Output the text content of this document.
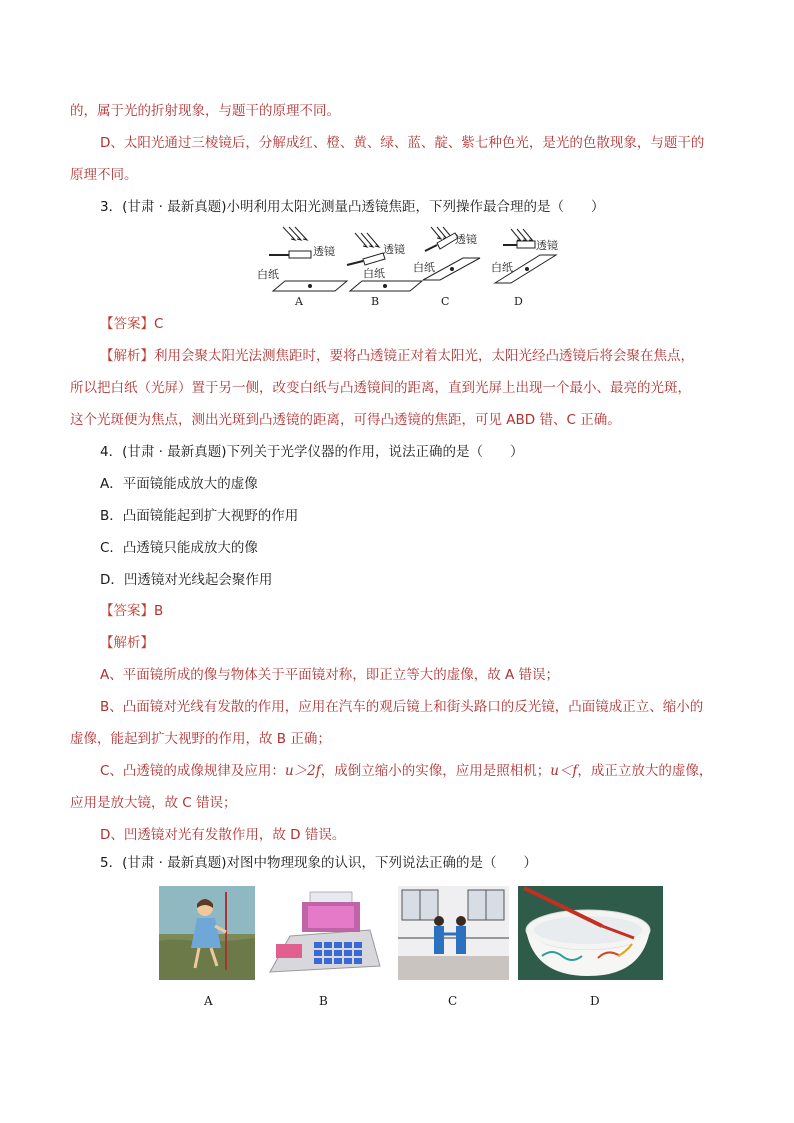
的，属于光的折射现象，与题干的原理不同。
D、太阳光通过三棱镜后，分解成红、橙、黄、绿、蓝、靛、紫七种色光，是光的色散现象，与题干的
原理不同。
3．(甘肃 · 最新真题)小明利用太阳光测量凸透镜焦距，下列操作最合理的是（　　）
透镜	透镜
透镜	透镜
白纸	白纸	白纸	白纸
A	B	C	D
【答案】C
【解析】利用会聚太阳光法测焦距时，要将凸透镜正对着太阳光，太阳光经凸透镜后将会聚在焦点，
所以把白纸（光屏）置于另一侧，改变白纸与凸透镜间的距离，直到光屏上出现一个最小、最亮的光斑，
这个光斑便为焦点，测出光斑到凸透镜的距离，可得凸透镜的焦距，可见 ABD 错、C 正确。
4．(甘肃 · 最新真题)下列关于光学仪器的作用，说法正确的是（　　）
A．平面镜能成放大的虚像
B．凸面镜能起到扩大视野的作用
C．凸透镜只能成放大的像
D．凹透镜对光线起会聚作用
【答案】B
【解析】
A、平面镜所成的像与物体关于平面镜对称，即正立等大的虚像，故 A 错误；
B、凸面镜对光线有发散的作用，应用在汽车的观后镜上和街头路口的反光镜，凸面镜成正立、缩小的
虚像，能起到扩大视野的作用，故 B 正确；
C、凸透镜的成像规律及应用：u＞2f，成倒立缩小的实像，应用是照相机；u＜f，成正立放大的虚像，
应用是放大镜，故 C 错误；
D、凹透镜对光有发散作用，故 D 错误。
5．(甘肃 · 最新真题)对图中物理现象的认识，下列说法正确的是（　　）
A	B	C	D
